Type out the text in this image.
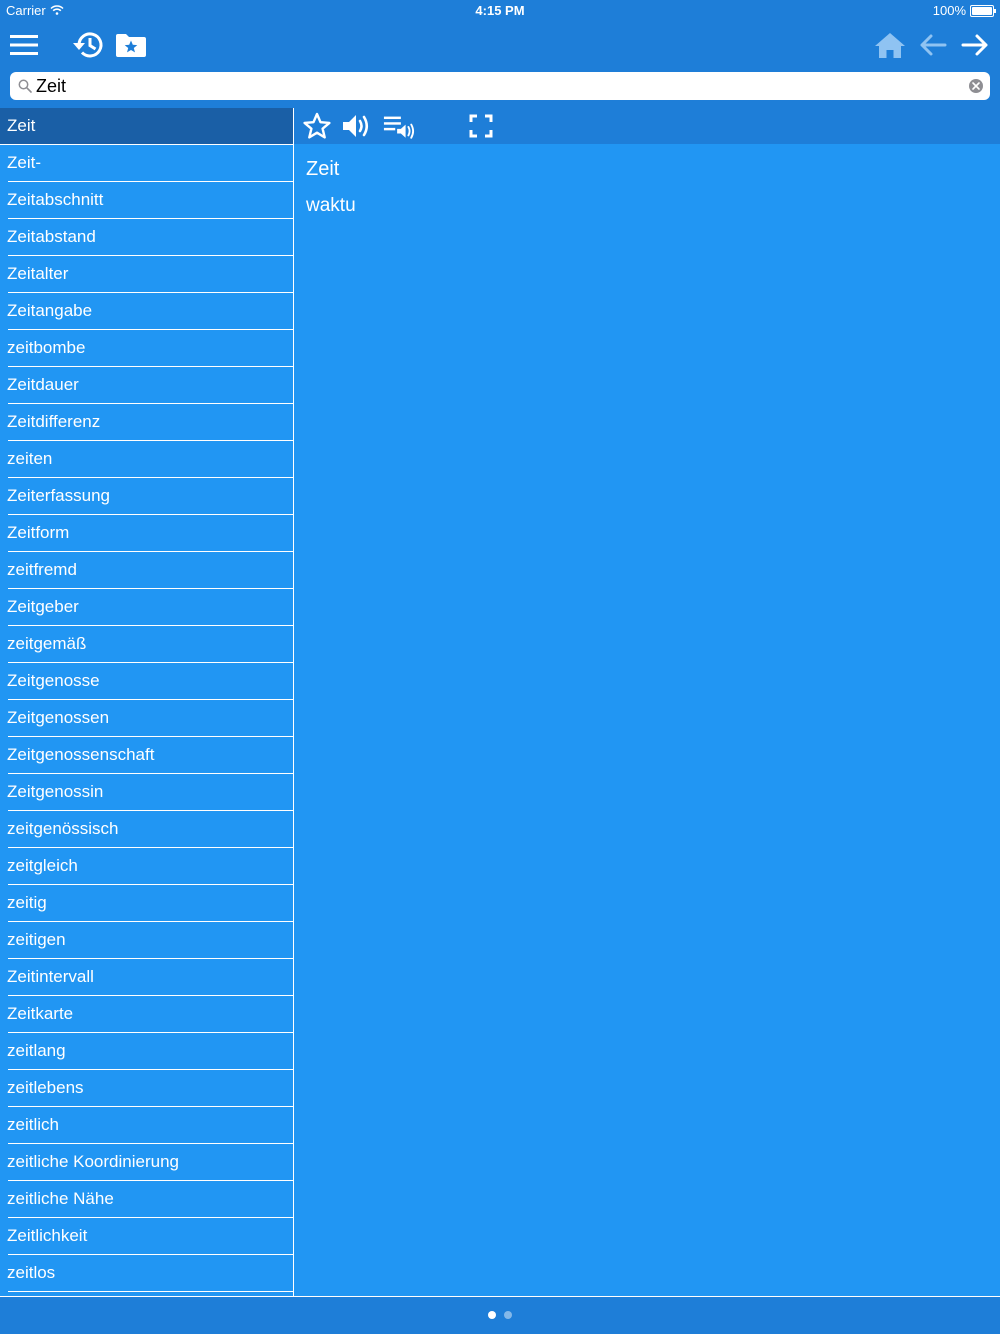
Carrier	4:15 PM	100%
Zeit
Zeit
Zeit-
Zeitabschnitt
Zeitabstand
Zeitalter
Zeitangabe
zeitbombe
Zeitdauer
Zeitdifferenz
zeiten
Zeiterfassung
Zeitform
zeitfremd
Zeitgeber
zeitgemäß
Zeitgenosse
Zeitgenossen
Zeitgenossenschaft
Zeitgenossin
zeitgenössisch
zeitgleich
zeitig
zeitigen
Zeitintervall
Zeitkarte
zeitlang
zeitlebens
zeitlich
zeitliche Koordinierung
zeitliche Nähe
Zeitlichkeit
zeitlos
Zeit
waktu
